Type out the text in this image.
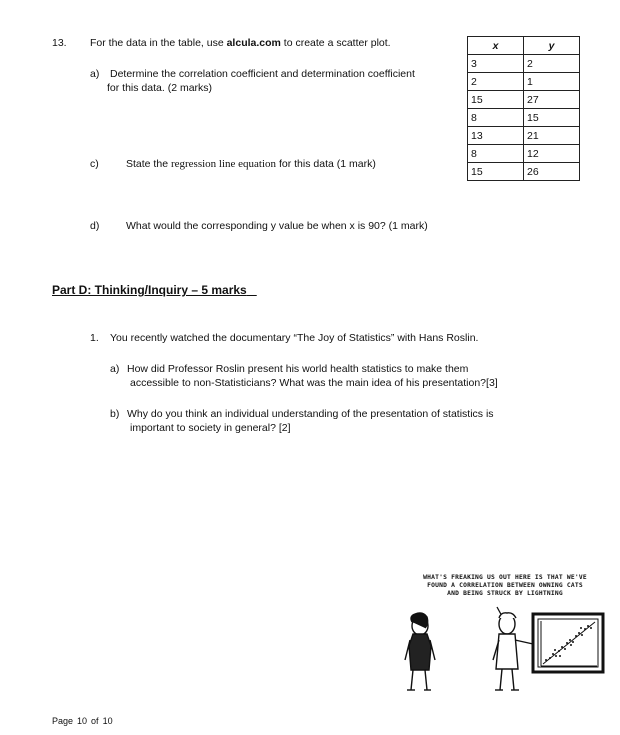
13. For the data in the table, use alcula.com to create a scatter plot.
a) Determine the correlation coefficient and determination coefficient
for this data. (2 marks)
c)	State the regression line equation for this data (1 mark)
d)	What would the corresponding y value be when x is 90? (1 mark)
x	y
3	2
2	1
15	27
8	15
13	21
8	12
15	26
Part D: Thinking/Inquiry – 5 marks
1. You recently watched the documentary “The Joy of Statistics” with Hans Roslin.
a) How did Professor Roslin present his world health statistics to make them
accessible to non-Statisticians? What was the main idea of his presentation?[3]
b) Why do you think an individual understanding of the presentation of statistics is
important to society in general? [2]
WHAT'S FREAKING US OUT HERE IS THAT WE'VE
FOUND A CORRELATION BETWEEN OWNING CATS
AND BEING STRUCK BY LIGHTNING
Page 10 of 10
